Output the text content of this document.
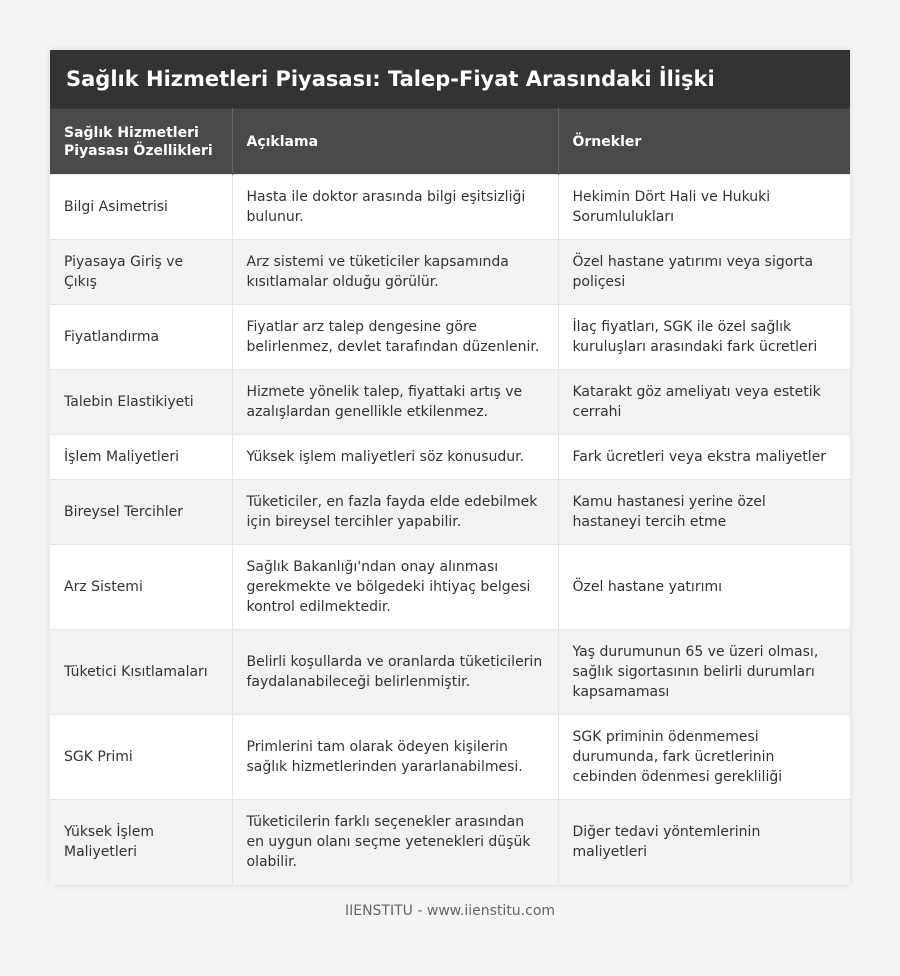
Sağlık Hizmetleri Piyasası: Talep-Fiyat Arasındaki İlişki
Sağlık Hizmetleri Piyasası Özellikleri	Açıklama	Örnekler
Bilgi Asimetrisi	Hasta ile doktor arasında bilgi eşitsizliği bulunur.	Hekimin Dört Hali ve Hukuki Sorumlulukları
Piyasaya Giriş ve Çıkış	Arz sistemi ve tüketiciler kapsamında kısıtlamalar olduğu görülür.	Özel hastane yatırımı veya sigorta poliçesi
Fiyatlandırma	Fiyatlar arz talep dengesine göre belirlenmez, devlet tarafından düzenlenir.	İlaç fiyatları, SGK ile özel sağlık kuruluşları arasındaki fark ücretleri
Talebin Elastikiyeti	Hizmete yönelik talep, fiyattaki artış ve azalışlardan genellikle etkilenmez.	Katarakt göz ameliyatı veya estetik cerrahi
İşlem Maliyetleri	Yüksek işlem maliyetleri söz konusudur.	Fark ücretleri veya ekstra maliyetler
Bireysel Tercihler	Tüketiciler, en fazla fayda elde edebilmek için bireysel tercihler yapabilir.	Kamu hastanesi yerine özel hastaneyi tercih etme
Arz Sistemi	Sağlık Bakanlığı'ndan onay alınması gerekmekte ve bölgedeki ihtiyaç belgesi kontrol edilmektedir.	Özel hastane yatırımı
Tüketici Kısıtlamaları	Belirli koşullarda ve oranlarda tüketicilerin faydalanabileceği belirlenmiştir.	Yaş durumunun 65 ve üzeri olması, sağlık sigortasının belirli durumları kapsamaması
SGK Primi	Primlerini tam olarak ödeyen kişilerin sağlık hizmetlerinden yararlanabilmesi.	SGK priminin ödenmemesi durumunda, fark ücretlerinin cebinden ödenmesi gerekliliği
Yüksek İşlem Maliyetleri	Tüketicilerin farklı seçenekler arasından en uygun olanı seçme yetenekleri düşük olabilir.	Diğer tedavi yöntemlerinin maliyetleri
IIENSTITU - www.iienstitu.com
